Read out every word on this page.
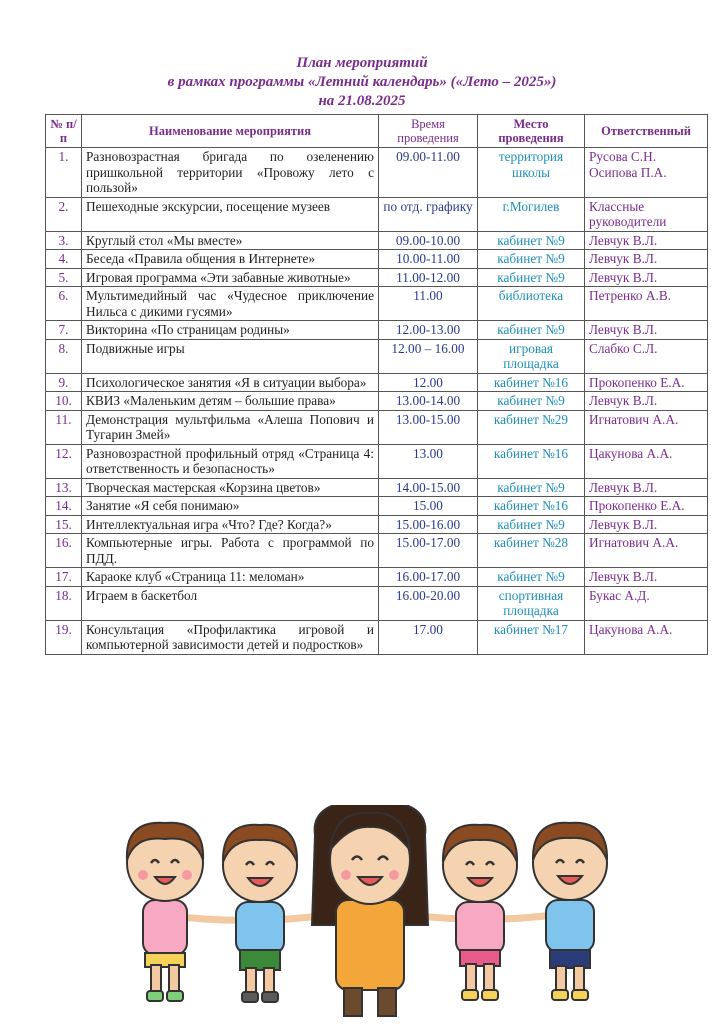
План мероприятий
в рамках программы «Летний календарь» («Лето – 2025»)
на 21.08.2025
№ п/п	Наименование мероприятия	Время проведения	Место проведения	Ответственный
1.	Разновозрастная бригада по озеленению пришкольной территории «Провожу лето с пользой»	09.00-11.00	территория школы	Русова С.Н. Осипова П.А.
2.	Пешеходные экскурсии, посещение музеев	по отд. графику	г.Могилев	Классные руководители
3.	Круглый стол «Мы вместе»	09.00-10.00	кабинет №9	Левчук В.Л.
4.	Беседа «Правила общения в Интернете»	10.00-11.00	кабинет №9	Левчук В.Л.
5.	Игровая программа «Эти забавные животные»	11.00-12.00	кабинет №9	Левчук В.Л.
6.	Мультимедийный час «Чудесное приключение Нильса с дикими гусями»	11.00	библиотека	Петренко А.В.
7.	Викторина «По страницам родины»	12.00-13.00	кабинет №9	Левчук В.Л.
8.	Подвижные игры	12.00 – 16.00	игровая площадка	Слабко С.Л.
9.	Психологическое занятия «Я в ситуации выбора»	12.00	кабинет №16	Прокопенко Е.А.
10.	КВИЗ «Маленьким детям – большие права»	13.00-14.00	кабинет №9	Левчук В.Л.
11.	Демонстрация мультфильма «Алеша Попович и Тугарин Змей»	13.00-15.00	кабинет №29	Игнатович А.А.
12.	Разновозрастной профильный отряд «Страница 4: ответственность и безопасность»	13.00	кабинет №16	Цакунова А.А.
13.	Творческая мастерская «Корзина цветов»	14.00-15.00	кабинет №9	Левчук В.Л.
14.	Занятие «Я себя понимаю»	15.00	кабинет №16	Прокопенко Е.А.
15.	Интеллектуальная игра «Что? Где? Когда?»	15.00-16.00	кабинет №9	Левчук В.Л.
16.	Компьютерные игры. Работа с программой по ПДД.	15.00-17.00	кабинет №28	Игнатович А.А.
17.	Караоке клуб «Страница 11: меломан»	16.00-17.00	кабинет №9	Левчук В.Л.
18.	Играем в баскетбол	16.00-20.00	спортивная площадка	Букас А.Д.
19.	Консультация «Профилактика игровой и компьютерной зависимости детей и подростков»	17.00	кабинет №17	Цакунова А.А.
